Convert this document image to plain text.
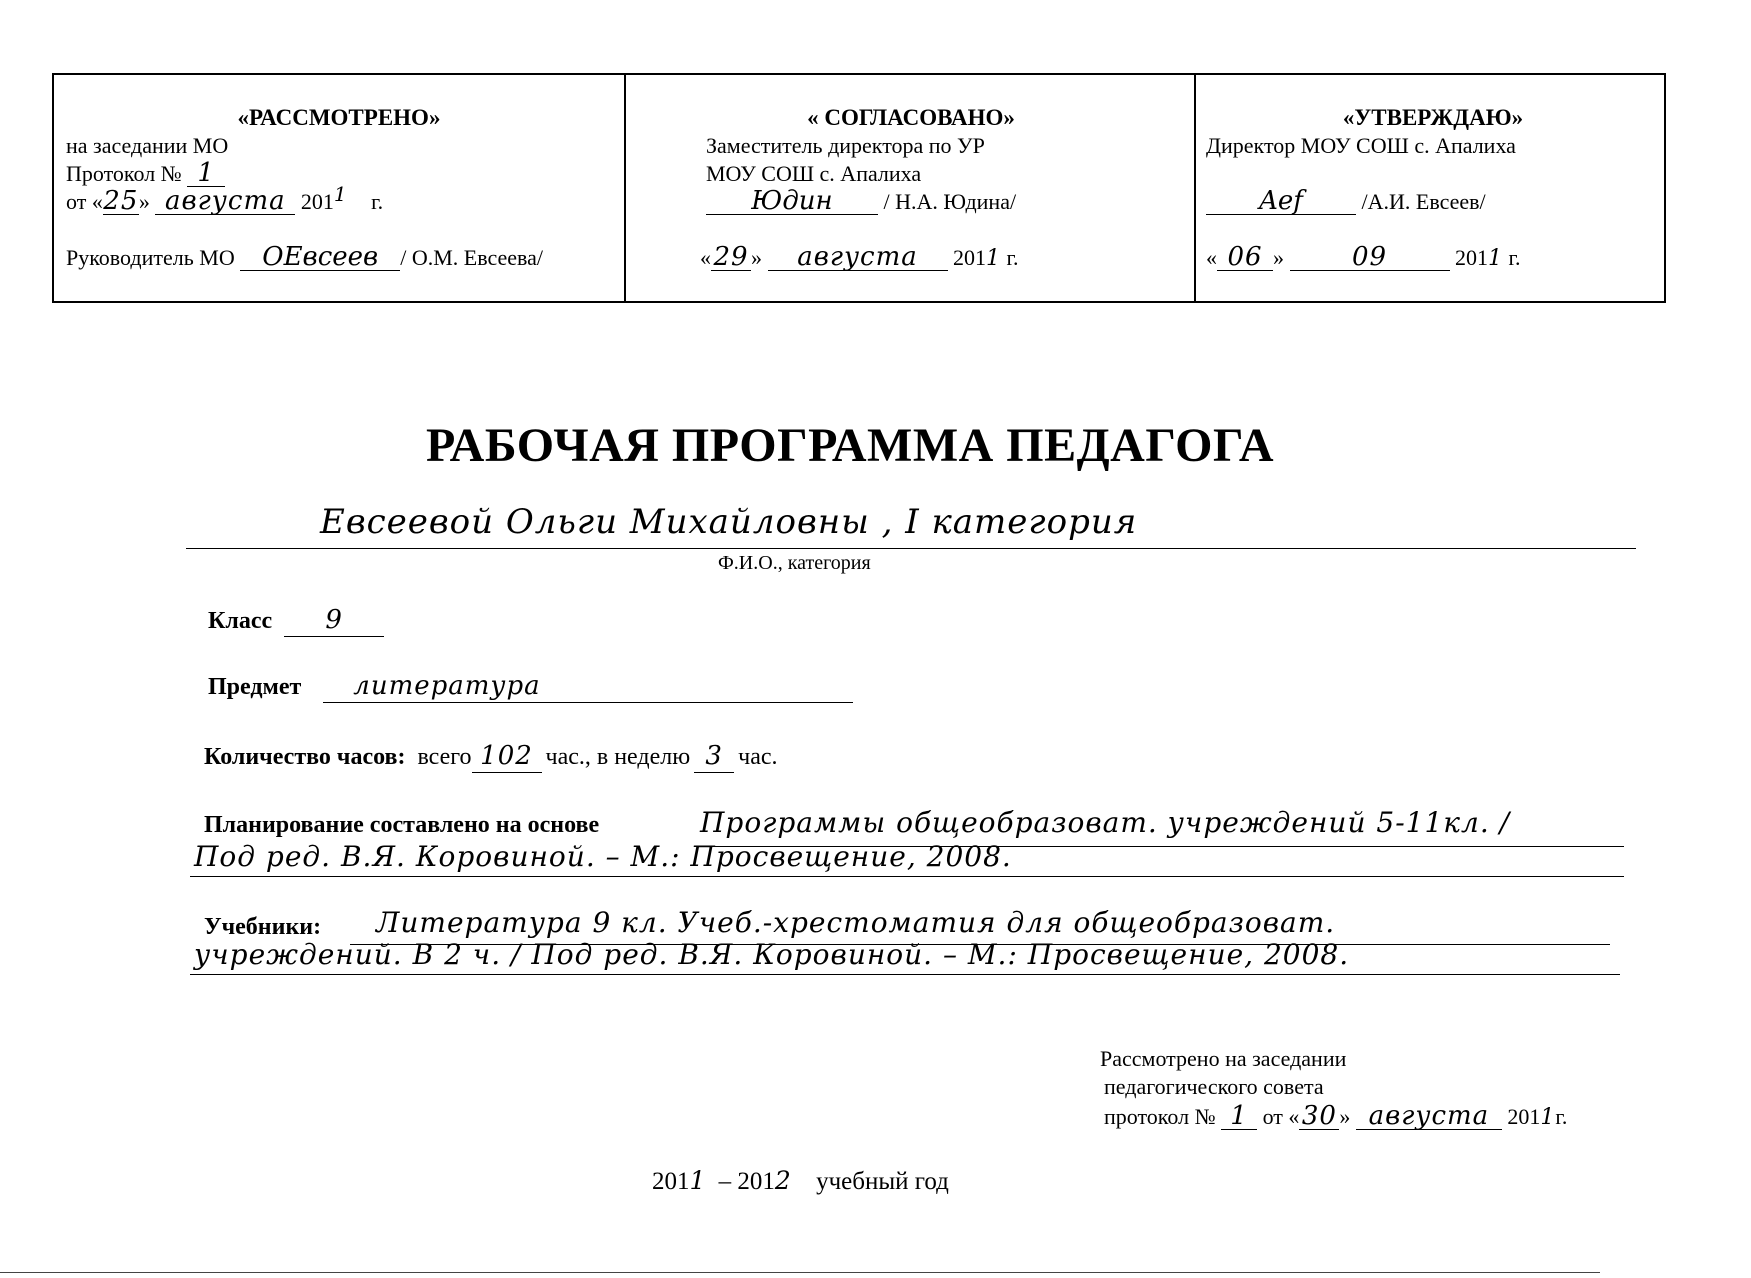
«РАССМОТРЕНО»
на заседании МО
Протокол № 1
от «25» августа 2011 г.
Руководитель МО OEвсеев / О.М. Евсеева/
« СОГЛАСОВАНО»
Заместитель директора по УР
МОУ СОШ с. Апалиха
Юдин / Н.А. Юдина/
«29 » августа 2011 г.
«УТВЕРЖДАЮ»
Директор МОУ СОШ с. Апалиха
Aef	/А.И. Евсеев/
« 06 »	09	2011 г.
РАБОЧАЯ ПРОГРАММА ПЕДАГОГА
Евсеевой Ольги Михайловны , I категория
Ф.И.О., категория
Класс 9
Предмет литература
Количество часов: всего 102 час., в неделю 3 час.
Планирование составлено на основе	Программы общеобразоват. учреждений 5-11кл. /
Под ред. В.Я. Коровиной. – М.: Просвещение, 2008.
Учебники: Литература 9 кл. Учеб.-хрестоматия для общеобразоват.
учреждений. В 2 ч. / Под ред. В.Я. Коровиной. – М.: Просвещение, 2008.
Рассмотрено на заседании
педагогического совета
протокол № 1 от «30 » августа 2011г.
2011 – 2012 учебный год
